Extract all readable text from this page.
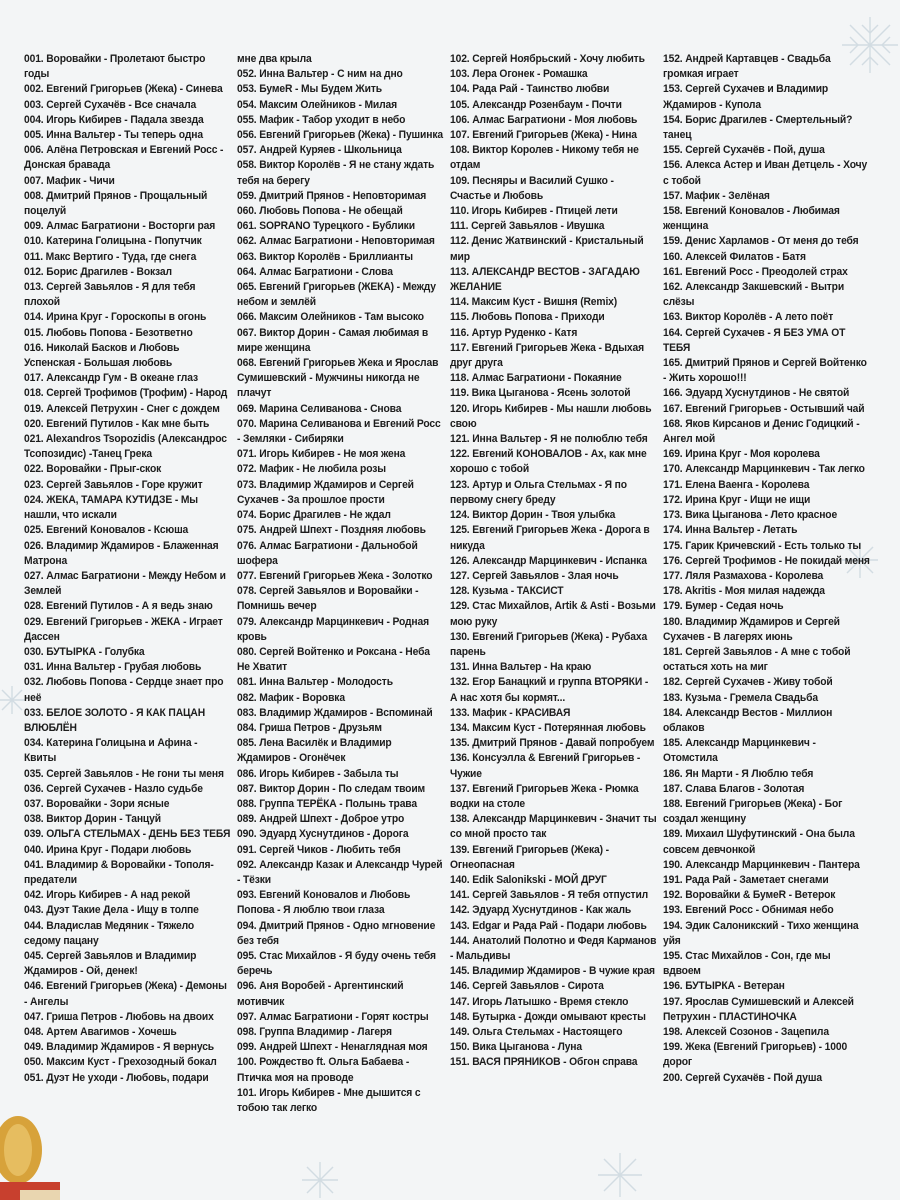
001. Воровайки - Пролетают быстро годы
002. Евгений Григорьев (Жека) - Синева
003. Сергей Сухачёв - Все сначала
004. Игорь Кибирев - Падала звезда
005. Инна Вальтер - Ты теперь одна
006. Алёна Петровская и Евгений Росс - Донская бравада
007. Мафик - Чичи
008. Дмитрий Прянов - Прощальный поцелуй
009. Алмас Багратиони - Восторги рая
010. Катерина Голицына - Попутчик
011. Макс Вертиго - Туда, где снега
012. Борис Драгилев - Вокзал
013. Сергей Завьялов - Я для тебя плохой
014. Ирина Круг - Гороскопы в огонь
015. Любовь Попова - Безответно
016. Николай Басков и Любовь Успенская - Большая любовь
017. Александр Гум - В океане глаз
018. Сергей Трофимов (Трофим) - Народ
019. Алексей Петрухин - Снег с дождем
020. Евгений Путилов - Как мне быть
021. Alexandros Tsopozidis (Александрос Тсопозидис) -Танец Грека
022. Воровайки - Прыг-скок
023. Сергей Завьялов - Горе кружит
024. ЖЕКА, ТАМАРА КУТИДЗЕ - Мы нашли, что искали
025. Евгений Коновалов - Ксюша
026. Владимир Ждамиров - Блаженная Матрона
027. Алмас Багратиони - Между Небом и Землей
028. Евгений Путилов - А я ведь знаю
029. Евгений Григорьев - ЖЕКА - Играет Дассен
030. БУТЫРКА - Голубка
031. Инна Вальтер - Грубая любовь
032. Любовь Попова - Сердце знает про неё
033. БЕЛОЕ ЗОЛОТО - Я КАК ПАЦАН ВЛЮБЛЁН
034. Катерина Голицына и Афина - Квиты
035. Сергей Завьялов - Не гони ты меня
036. Сергей Сухачев - Назло судьбе
037. Воровайки - Зори ясные
038. Виктор Дорин - Танцуй
039. ОЛЬГА СТЕЛЬМАХ - ДЕНЬ БЕЗ ТЕБЯ
040. Ирина Круг - Подари любовь
041. Владимир & Воровайки - Тополя-предатели
042. Игорь Кибирев - А над рекой
043. Дуэт Такие Дела - Ищу в толпе
044. Владислав Медяник - Тяжело седому пацану
045. Сергей Завьялов и Владимир Ждамиров - Ой, денек!
046. Евгений Григорьев (Жека) - Демоны - Ангелы
047. Гриша Петров - Любовь на двоих
048. Артем Авагимов - Хочешь
049. Владимир Ждамиров - Я вернусь
050. Максим Куст - Грехозодный бокал
051. Дуэт Не уходи - Любовь, подари
мне два крыла
052. Инна Вальтер - С ним на дно
053. БумеR - Мы Будем Жить
054. Максим Олейников - Милая
055. Мафик - Табор уходит в небо
056. Евгений Григорьев (Жека) - Пушинка
057. Андрей Куряев - Школьница
058. Виктор Королёв - Я не стану ждать тебя на берегу
059. Дмитрий Прянов - Неповторимая
060. Любовь Попова - Не обещай
061. SOPRANO Турецкого - Бублики
062. Алмас Багратиони - Неповторимая
063. Виктор Королёв - Бриллианты
064. Алмас Багратиони - Слова
065. Евгений Григорьев (ЖЕКА) - Между небом и землёй
066. Максим Олейников - Там высоко
067. Виктор Дорин - Самая любимая в мире женщина
068. Евгений Григорьев Жека и Ярослав Сумишевский - Мужчины никогда не плачут
069. Марина Селиванова - Снова
070. Марина Селиванова и Евгений Росс - Земляки - Сибиряки
071. Игорь Кибирев - Не моя жена
072. Мафик - Не любила розы
073. Владимир Ждамиров и Сергей Сухачев - За прошлое прости
074. Борис Драгилев - Не ждал
075. Андрей Шпехт - Поздняя любовь
076. Алмас Багратиони - Дальнобой шофера
077. Евгений Григорьев Жека - Золотко
078. Сергей Завьялов и Воровайки - Помнишь вечер
079. Александр Марцинкевич - Родная кровь
080. Сергей Войтенко и Роксана - Неба Не Хватит
081. Инна Вальтер - Молодость
082. Мафик - Воровка
083. Владимир Ждамиров - Вспоминай
084. Гриша Петров - Друзьям
085. Лена Василёк и Владимир Ждамиров - Огонёчек
086. Игорь Кибирев - Забыла ты
087. Виктор Дорин - По следам твоим
088. Группа ТЕРЁКА - Полынь трава
089. Андрей Шпехт - Доброе утро
090. Эдуард Хуснутдинов - Дорога
091. Сергей Чиков - Любить тебя
092. Александр Казак и Александр Чурей - Тёзки
093. Евгений Коновалов и Любовь Попова - Я люблю твои глаза
094. Дмитрий Прянов - Одно мгновение без тебя
095. Стас Михайлов - Я буду очень тебя беречь
096. Аня Воробей - Аргентинский мотивчик
097. Алмас Багратиони - Горят костры
098. Группа Владимир - Лагеря
099. Андрей Шпехт - Ненаглядная моя
100. Рождество ft. Ольга Бабаева - Птичка моя на проводе
101. Игорь Кибирев - Мне дышится с тобою так легко
102. Сергей Ноябрьский - Хочу любить
103. Лера Огонек - Ромашка
104. Рада Рай - Таинство любви
105. Александр Розенбаум - Почти
106. Алмас Багратиони - Моя любовь
107. Евгений Григорьев (Жека) - Нина
108. Виктор Королев - Никому тебя не отдам
109. Песняры и Василий Сушко - Счастье и Любовь
110. Игорь Кибирев - Птицей лети
111. Сергей Завьялов - Ивушка
112. Денис Жатвинский - Кристальный мир
113. АЛЕКСАНДР ВЕСТОВ - ЗАГАДАЮ ЖЕЛАНИЕ
114. Максим Куст - Вишня (Remix)
115. Любовь Попова - Приходи
116. Артур Руденко - Катя
117. Евгений Григорьев Жека - Вдыхая друг друга
118. Алмас Багратиони - Покаяние
119. Вика Цыганова - Ясень золотой
120. Игорь Кибирев - Мы нашли любовь свою
121. Инна Вальтер - Я не полюблю тебя
122. Евгений КОНОВАЛОВ - Ах, как мне хорошо с тобой
123. Артур и Ольга Стельмах - Я по первому снегу бреду
124. Виктор Дорин - Твоя улыбка
125. Евгений Григорьев Жека - Дорога в никуда
126. Александр Марцинкевич - Испанка
127. Сергей Завьялов - Злая ночь
128. Кузьма - ТАКСИСТ
129. Стас Михайлов, Artik & Asti - Возьми мою руку
130. Евгений Григорьев (Жека) - Рубаха парень
131. Инна Вальтер - На краю
132. Егор Банацкий и группа ВТОРЯКИ - А нас хотя бы кормят...
133. Мафик - КРАСИВАЯ
134. Максим Куст - Потерянная любовь
135. Дмитрий Прянов - Давай попробуем
136. Консуэлла & Евгений Григорьев - Чужие
137. Евгений Григорьев Жека - Рюмка водки на столе
138. Александр Марцинкевич - Значит ты со мной просто так
139. Евгений Григорьев (Жека) - Огнеопасная
140. Edik Salonikski - МОЙ ДРУГ
141. Сергей Завьялов - Я тебя отпустил
142. Эдуард Хуснутдинов - Как жаль
143. Edgar и Рада Рай - Подари любовь
144. Анатолий Полотно и Федя Карманов - Мальдивы
145. Владимир Ждамиров - В чужие края
146. Сергей Завьялов - Сирота
147. Игорь Латышко - Время стекло
148. Бутырка - Дожди омывают кресты
149. Ольга Стельмах - Настоящего
150. Вика Цыганова - Луна
151. ВАСЯ ПРЯНИКОВ - Обгон справа
152. Андрей Картавцев - Свадьба громкая играет
153. Сергей Сухачев и Владимир Ждамиров - Купола
154. Борис Драгилев - Смертельный? танец
155. Сергей Сухачёв - Пой, душа
156. Алекса Астер и Иван Детцель - Хочу с тобой
157. Мафик - Зелёная
158. Евгений Коновалов - Любимая женщина
159. Денис Харламов - От меня до тебя
160. Алексей Филатов - Батя
161. Евгений Росс - Преодолей страх
162. Александр Закшевский - Вытри слёзы
163. Виктор Королёв - А лето поёт
164. Сергей Сухачев - Я БЕЗ УМА ОТ ТЕБЯ
165. Дмитрий Прянов и Сергей Войтенко - Жить хорошо!!!
166. Эдуард Хуснутдинов - Не святой
167. Евгений Григорьев - Остывший чай
168. Яков Кирсанов и Денис Годицкий - Ангел мой
169. Ирина Круг - Моя королева
170. Александр Марцинкевич - Так легко
171. Елена Ваенга - Королева
172. Ирина Круг - Ищи не ищи
173. Вика Цыганова - Лето красное
174. Инна Вальтер - Летать
175. Гарик Кричевский - Есть только ты
176. Сергей Трофимов - Не покидай меня
177. Ляля Размахова - Королева
178. Akritis - Моя милая надежда
179. Бумер - Седая ночь
180. Владимир Ждамиров и Сергей Сухачев - В лагерях июнь
181. Сергей Завьялов - А мне с тобой остаться хоть на миг
182. Сергей Сухачев - Живу тобой
183. Кузьма - Гремела Свадьба
184. Александр Вестов - Миллион облаков
185. Александр Марцинкевич - Отомстила
186. Ян Марти - Я Люблю тебя
187. Слава Благов - Золотая
188. Евгений Григорьев (Жека) - Бог создал женщину
189. Михаил Шуфутинский - Она была совсем девчонкой
190. Александр Марцинкевич - Пантера
191. Рада Рай - Заметает снегами
192. Воровайки & БумеR - Ветерок
193. Евгений Росс - Обнимая небо
194. Эдик Салоникский - Тихо женщина уйя
195. Стас Михайлов - Сон, где мы вдвоем
196. БУТЫРКА - Ветеран
197. Ярослав Сумишевский и Алексей Петрухин - ПЛАСТИНОЧКА
198. Алексей Созонов - Зацепила
199. Жека (Евгений Григорьев) - 1000 дорог
200. Сергей Сухачёв - Пой душа
